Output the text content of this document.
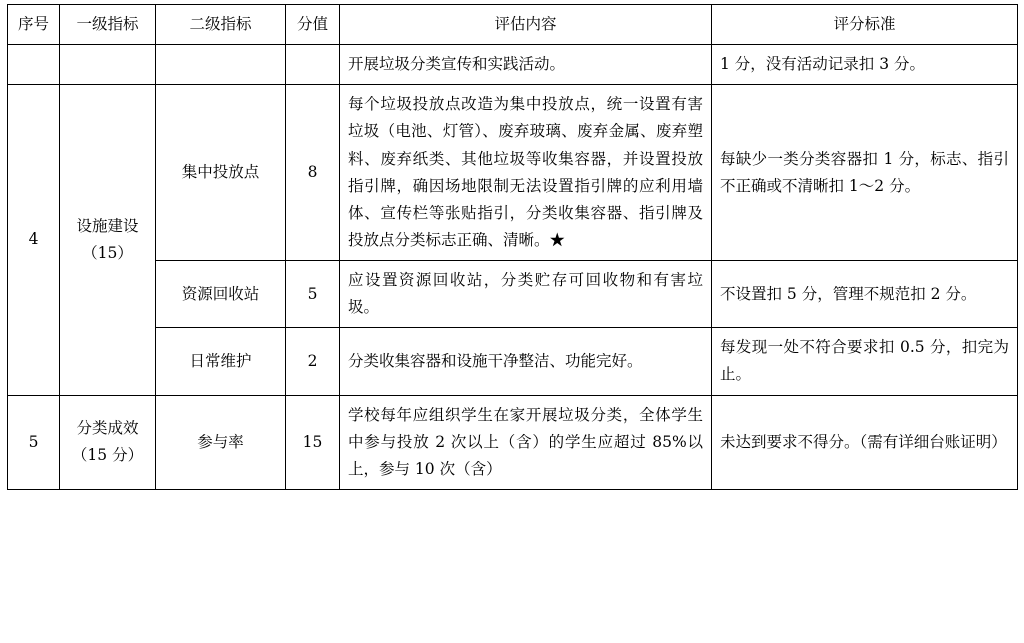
序号	一级指标	二级指标	分值	评估内容	评分标准
				开展垃圾分类宣传和实践活动。	1 分，没有活动记录扣 3 分。
4	设施建设（15）	集中投放点	8	每个垃圾投放点改造为集中投放点，统一设置有害垃圾（电池、灯管）、废弃玻璃、废弃金属、废弃塑料、废弃纸类、其他垃圾等收集容器，并设置投放指引牌，确因场地限制无法设置指引牌的应利用墙体、宣传栏等张贴指引，分类收集容器、指引牌及投放点分类标志正确、清晰。★	每缺少一类分类容器扣 1 分，标志、指引不正确或不清晰扣 1～2 分。
		资源回收站	5	应设置资源回收站，分类贮存可回收物和有害垃圾。	不设置扣 5 分，管理不规范扣 2 分。
		日常维护	2	分类收集容器和设施干净整洁、功能完好。	每发现一处不符合要求扣 0.5 分，扣完为止。
5	分类成效（15 分）	参与率	15	学校每年应组织学生在家开展垃圾分类，全体学生中参与投放 2 次以上（含）的学生应超过 85%以上，参与 10 次（含）	未达到要求不得分。（需有详细台账证明）
